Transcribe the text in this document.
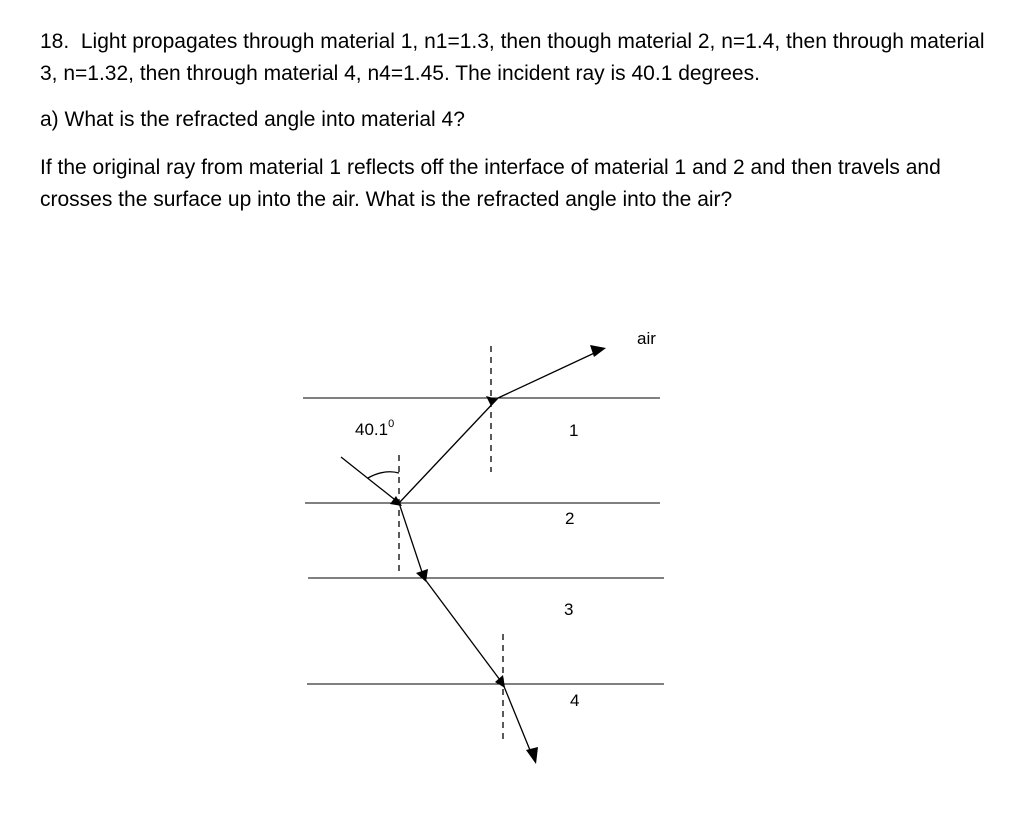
18. Light propagates through material 1, n1=1.3, then though material 2, n=1.4, then through material 3, n=1.32, then through material 4, n4=1.45. The incident ray is 40.1 degrees.

a) What is the refracted angle into material 4?

If the original ray from material 1 reflects off the interface of material 1 and 2 and then travels and crosses the surface up into the air. What is the refracted angle into the air?

40.1$^0$
air
1
2
3
4
